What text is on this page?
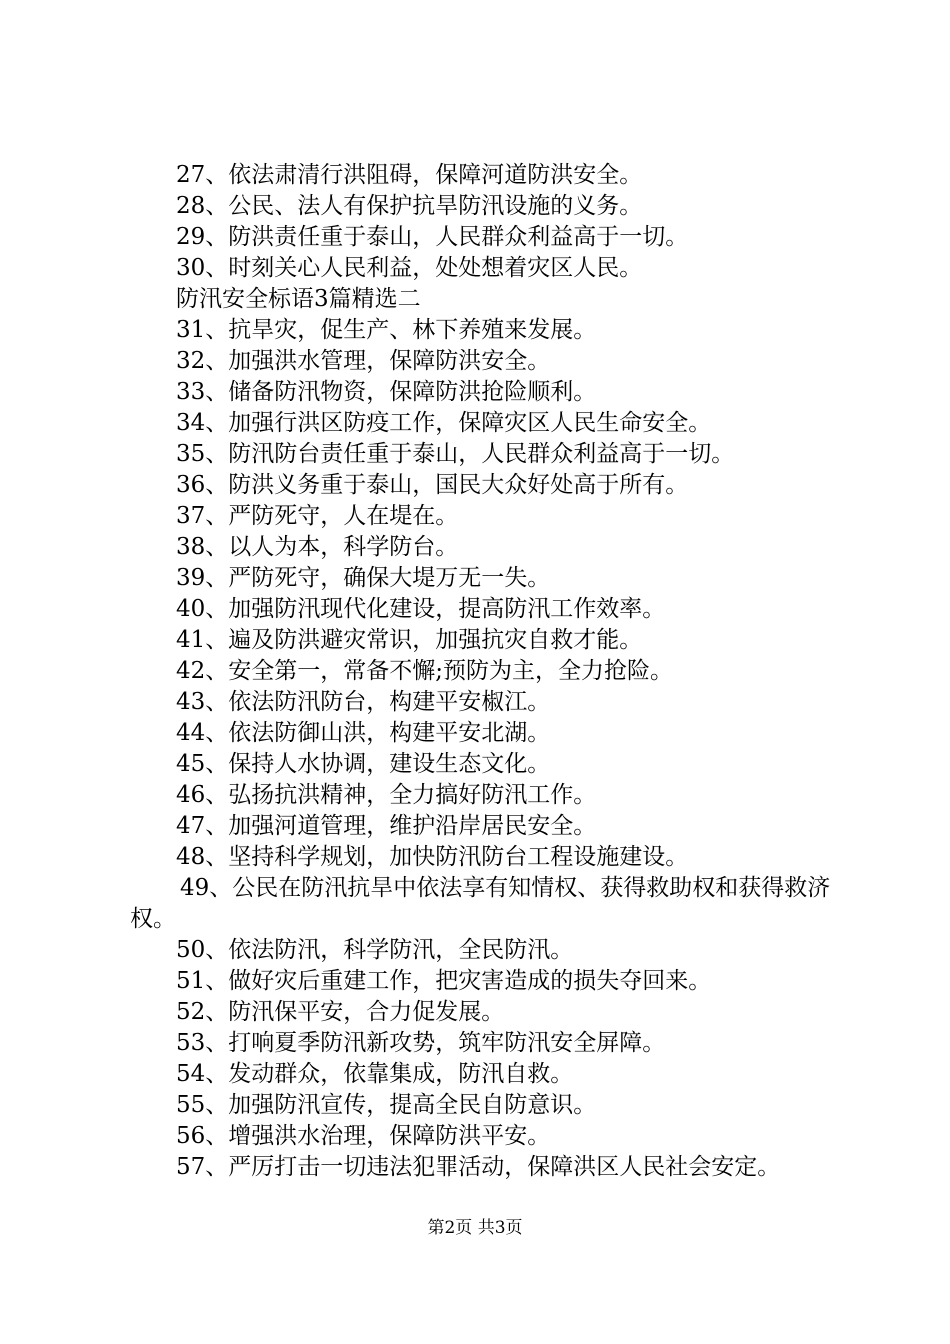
27、依法肃清行洪阻碍，保障河道防洪安全。
28、公民、法人有保护抗旱防汛设施的义务。
29、防洪责任重于泰山，人民群众利益高于一切。
30、时刻关心人民利益，处处想着灾区人民。
防汛安全标语3篇精选二
31、抗旱灾，促生产、林下养殖来发展。
32、加强洪水管理，保障防洪安全。
33、储备防汛物资，保障防洪抢险顺利。
34、加强行洪区防疫工作，保障灾区人民生命安全。
35、防汛防台责任重于泰山，人民群众利益高于一切。
36、防洪义务重于泰山，国民大众好处高于所有。
37、严防死守，人在堤在。
38、以人为本，科学防台。
39、严防死守，确保大堤万无一失。
40、加强防汛现代化建设，提高防汛工作效率。
41、遍及防洪避灾常识，加强抗灾自救才能。
42、安全第一，常备不懈;预防为主，全力抢险。
43、依法防汛防台，构建平安椒江。
44、依法防御山洪，构建平安北湖。
45、保持人水协调，建设生态文化。
46、弘扬抗洪精神，全力搞好防汛工作。
47、加强河道管理，维护沿岸居民安全。
48、坚持科学规划，加快防汛防台工程设施建设。
49、公民在防汛抗旱中依法享有知情权、获得救助权和获得救济权。
50、依法防汛，科学防汛，全民防汛。
51、做好灾后重建工作，把灾害造成的损失夺回来。
52、防汛保平安，合力促发展。
53、打响夏季防汛新攻势，筑牢防汛安全屏障。
54、发动群众，依靠集成，防汛自救。
55、加强防汛宣传，提高全民自防意识。
56、增强洪水治理，保障防洪平安。
57、严厉打击一切违法犯罪活动，保障洪区人民社会安定。
第2页 共3页
